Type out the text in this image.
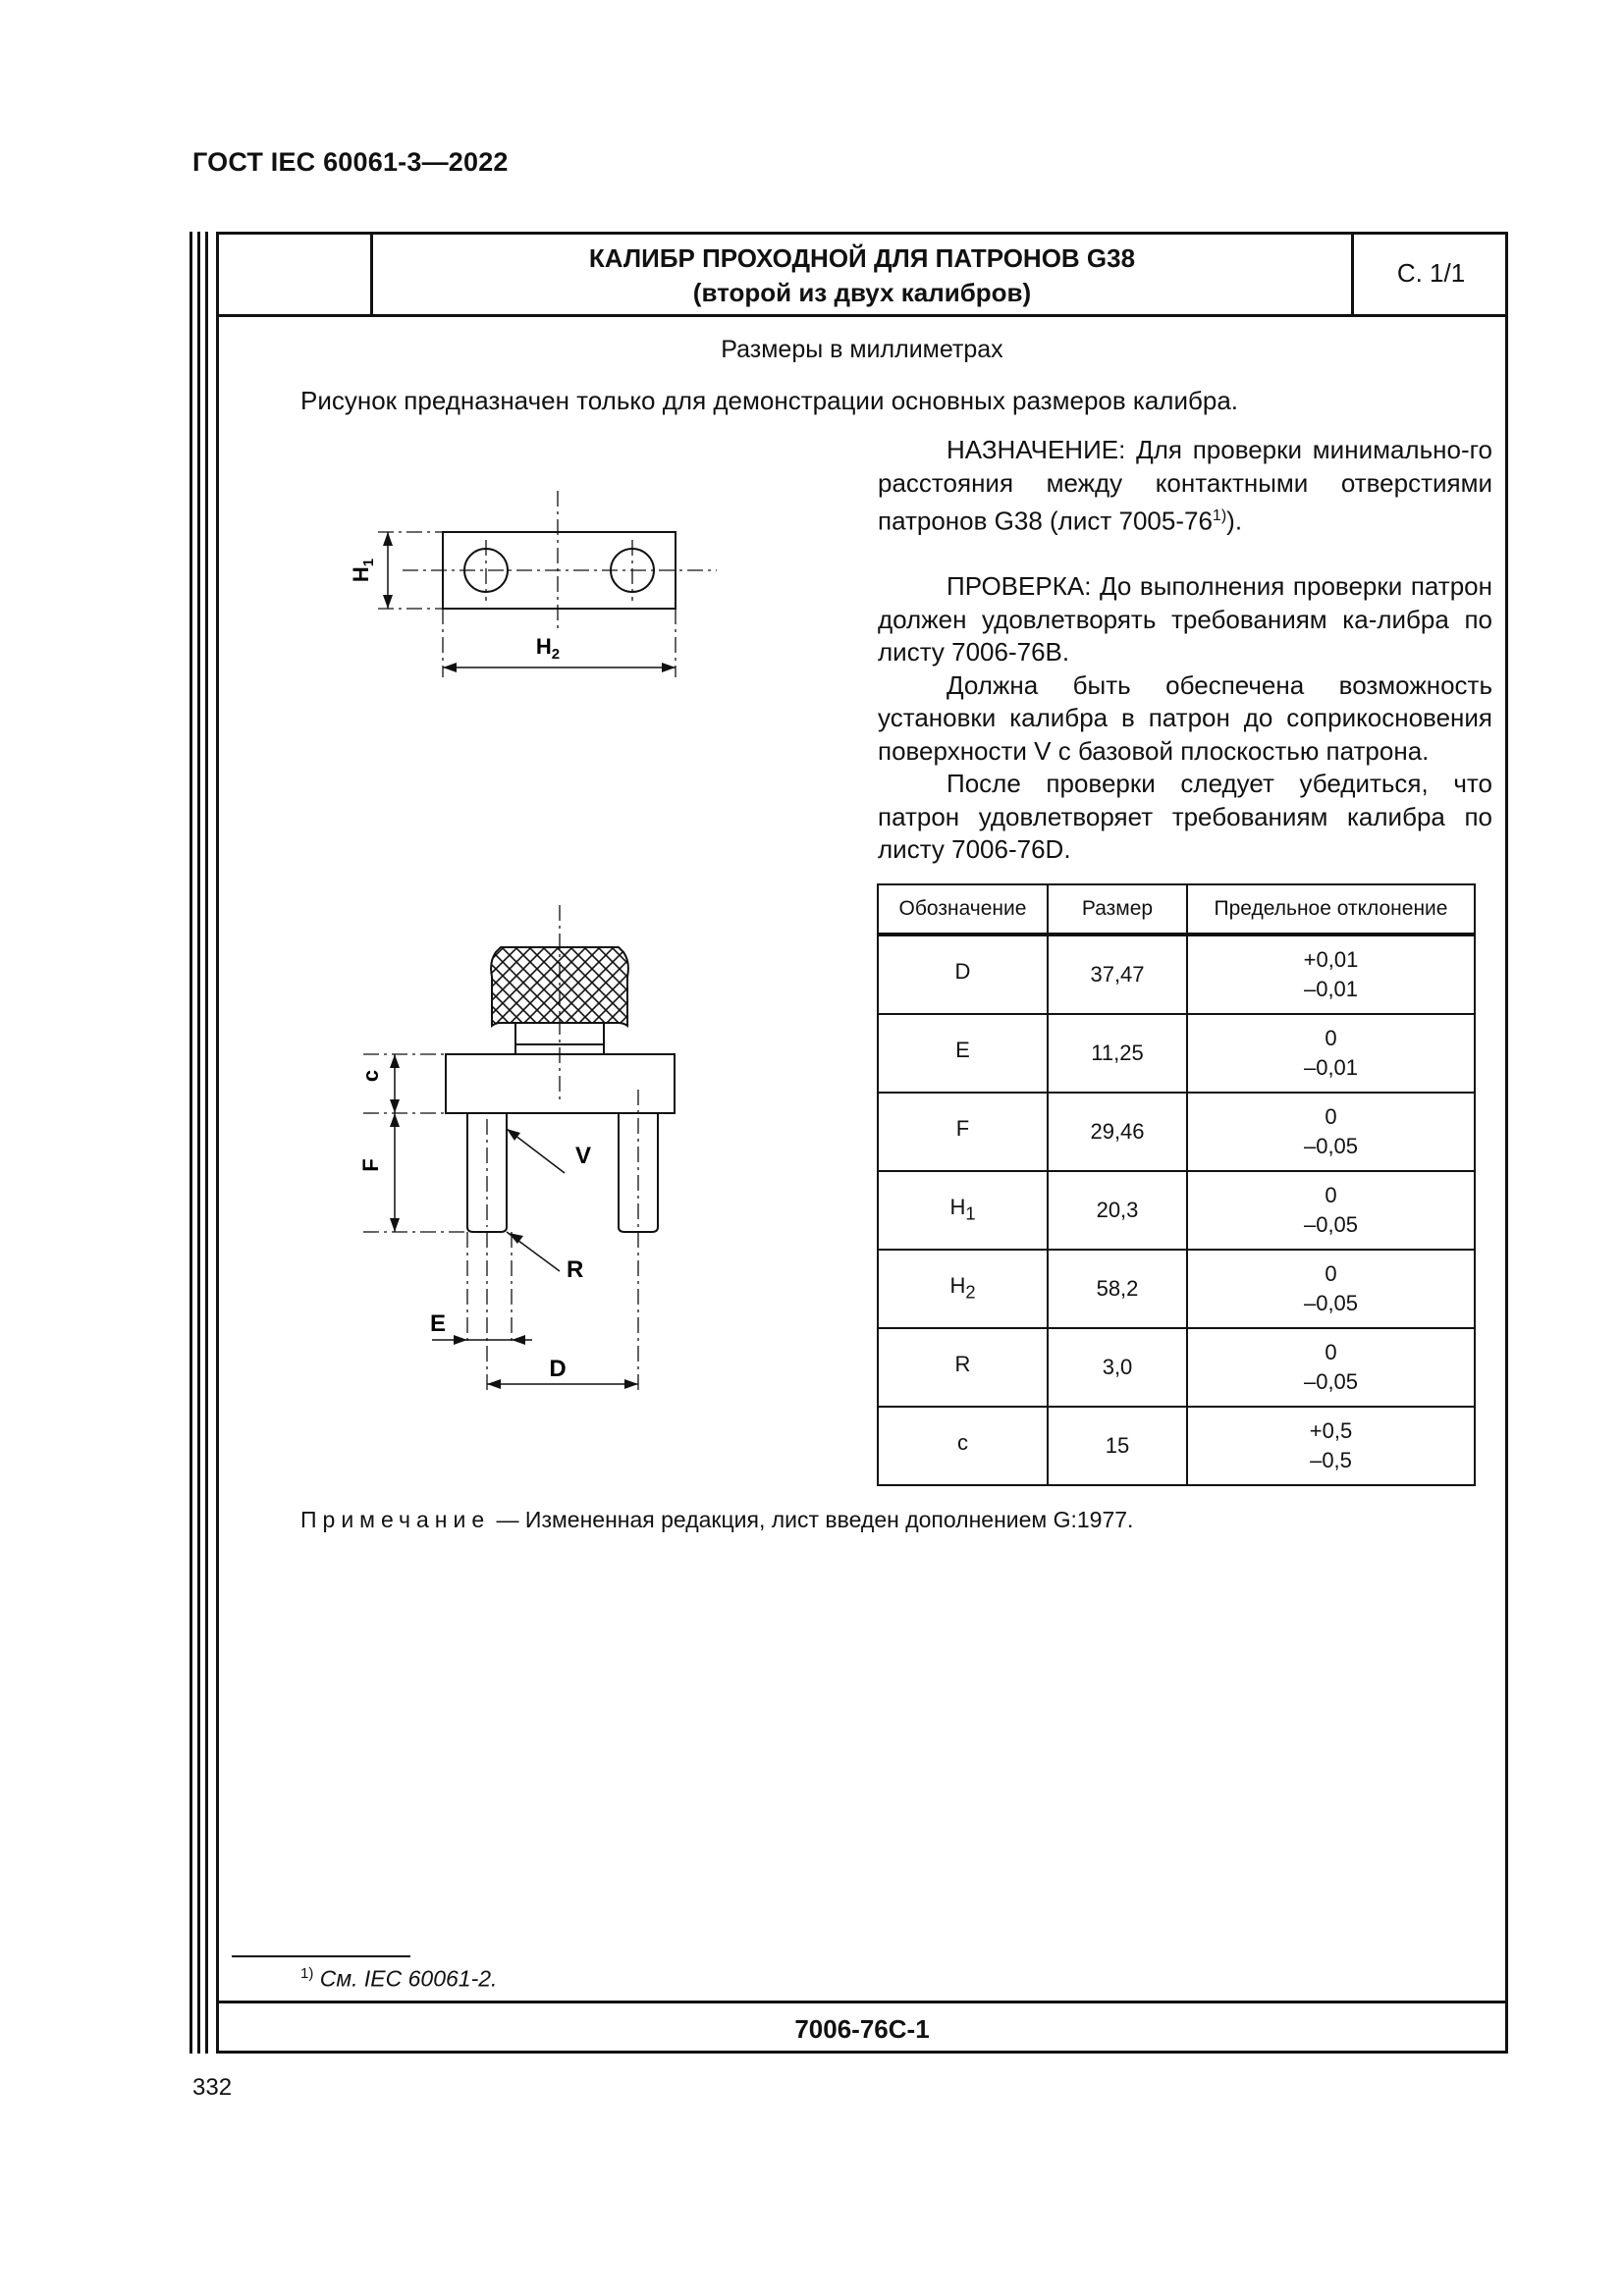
ГОСТ IEC 60061-3—2022
КАЛИБР ПРОХОДНОЙ ДЛЯ ПАТРОНОВ G38
(второй из двух калибров)
С. 1/1
Размеры в миллиметрах
Рисунок предназначен только для демонстрации основных размеров калибра.

НАЗНАЧЕНИЕ: Для проверки минимально-го расстояния между контактными отверстиями патронов G38 (лист 7005-76$^{1)}$).

ПРОВЕРКА: До выполнения проверки патрон должен удовлетворять требованиям ка-либра по листу 7006-76B.

Должна быть обеспечена возможность установки калибра в патрон до соприкосновения поверхности V с базовой плоскостью патрона.

После проверки следует убедиться, что патрон удовлетворяет требованиям калибра по листу 7006-76D.

$H_1$
$H_2$
c
F	V
R
E
D
Обозначение	Размер	Предельное отклонение
D	37,47	+0,01
–0,01

E	11,25	0
–0,01

F	29,46	0
–0,05

$H_1$	20,3	0
–0,05

$H_2$	58,2	0
–0,05

R	3,0	0
–0,05

c	15	+0,5
–0,5
Примечание — Измененная редакция, лист введен дополнением G:1977.
$^{1)}$ См. IEC 60061-2.
7006-76C-1
332
